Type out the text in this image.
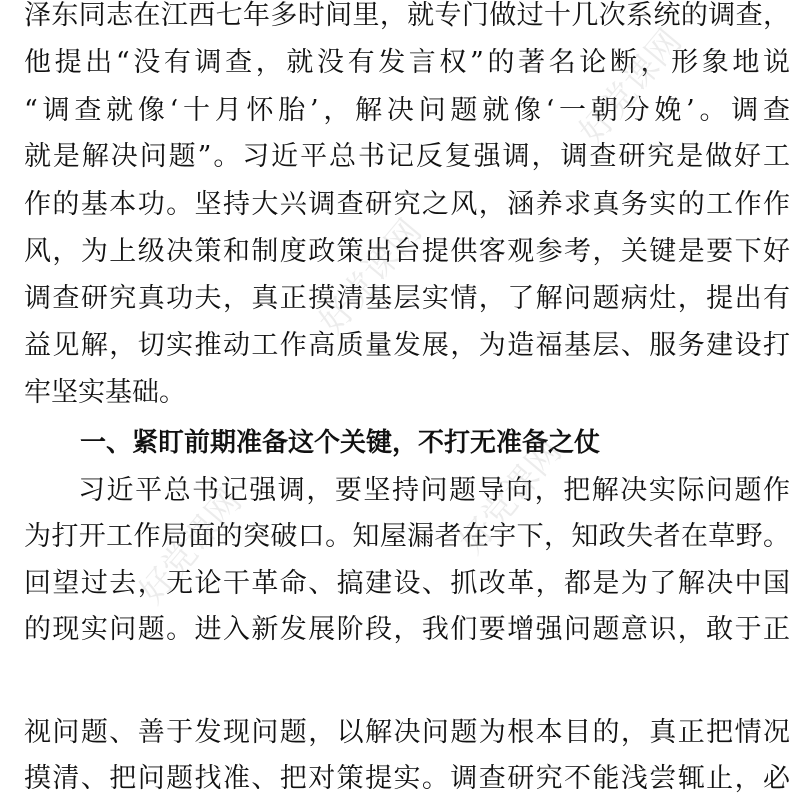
泽东同志在江西七年多时间里，就专门做过十几次系统的调查，
他提出“没有调查，就没有发言权”的著名论断，形象地说
“调查就像‘十月怀胎’，解决问题就像‘一朝分娩’。调查
就是解决问题”。习近平总书记反复强调，调查研究是做好工
作的基本功。坚持大兴调查研究之风，涵养求真务实的工作作
风，为上级决策和制度政策出台提供客观参考，关键是要下好
调查研究真功夫，真正摸清基层实情，了解问题病灶，提出有
益见解，切实推动工作高质量发展，为造福基层、服务建设打
牢坚实基础。
一、紧盯前期准备这个关键，不打无准备之仗
习近平总书记强调，要坚持问题导向，把解决实际问题作
为打开工作局面的突破口。知屋漏者在宇下，知政失者在草野。
回望过去，无论干革命、搞建设、抓改革，都是为了解决中国
的现实问题。进入新发展阶段，我们要增强问题意识，敢于正
视问题、善于发现问题，以解决问题为根本目的，真正把情况
摸清、把问题找准、把对策提实。调查研究不能浅尝辄止，必
好党课网
好党课网	好党课网
好党课网
